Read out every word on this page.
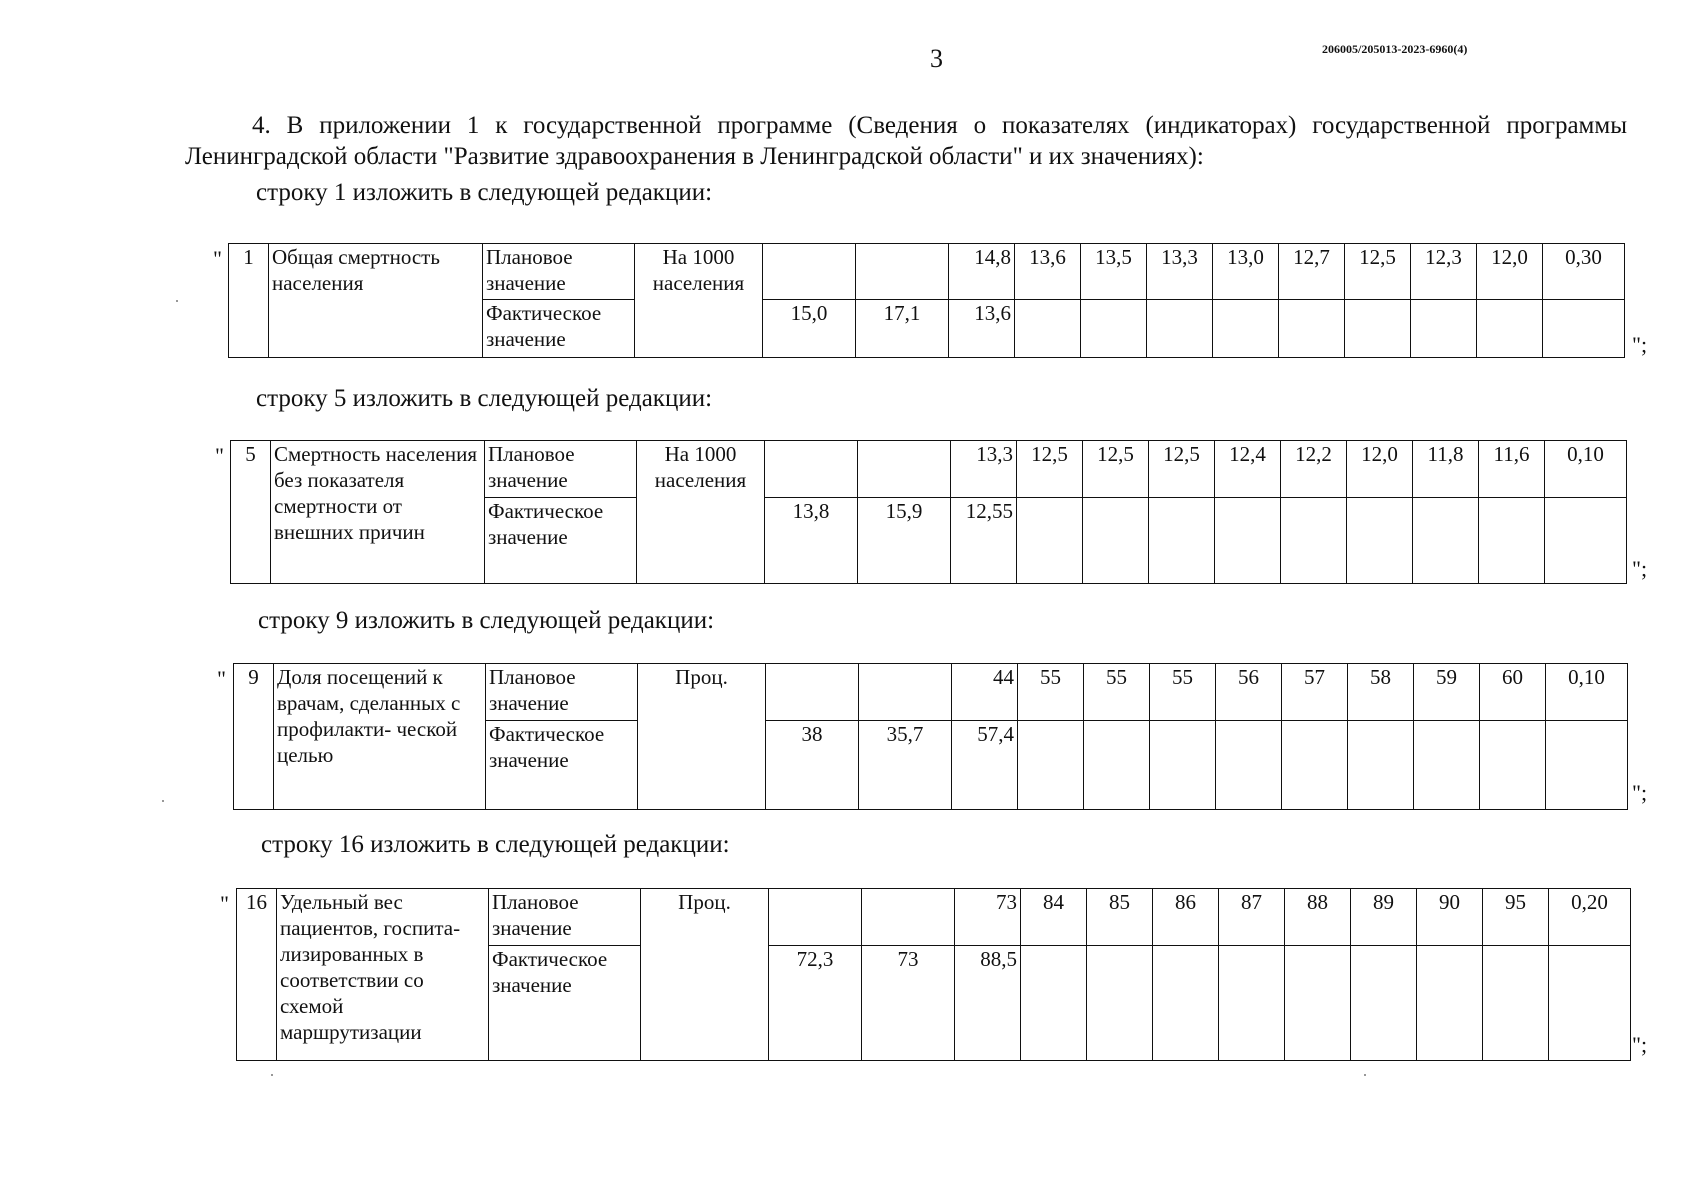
3	206005/205013-2023-6960(4)
4. В приложении 1 к государственной программе (Сведения о показателях (индикаторах) государственной программы Ленинградской области "Развитие здравоохранения в Ленинградской области" и их значениях):
строку 1 изложить в следующей редакции:
"
";
1	Общая смертность населения	Плановое значение	На 1000 населения			14,8	13,6	13,5	13,3	13,0	12,7	12,5	12,3	12,0	0,30
		Фактическое значение		15,0	17,1	13,6									
строку 5 изложить в следующей редакции:
"
";
5	Смертность населения без показателя смертности от внешних причин	Плановое значение	На 1000 населения			13,3	12,5	12,5	12,5	12,4	12,2	12,0	11,8	11,6	0,10
		Фактическое значение		13,8	15,9	12,55									
строку 9 изложить в следующей редакции:
"
";
9	Доля посещений к врачам, сделанных с профилакти- ческой целью	Плановое значение	Проц.			44	55	55	55	56	57	58	59	60	0,10
		Фактическое значение		38	35,7	57,4									
строку 16 изложить в следующей редакции:
"
";
16	Удельный вес пациентов, госпита- лизированных в соответствии со схемой маршрутизации	Плановое значение	Проц.			73	84	85	86	87	88	89	90	95	0,20
		Фактическое значение		72,3	73	88,5									
